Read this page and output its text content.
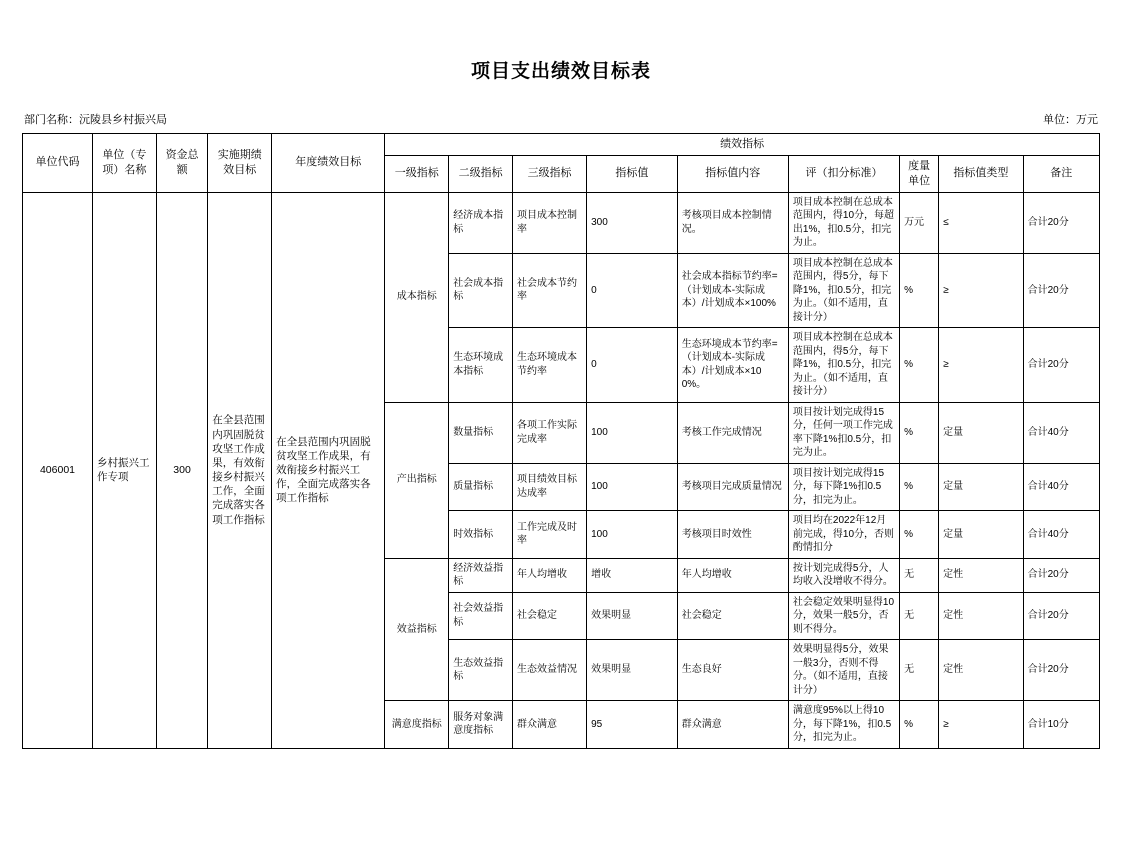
项目支出绩效目标表
部门名称：沅陵县乡村振兴局	单位：万元
单位代码	单位（专项）名称	资金总额	实施期绩效目标	年度绩效目标	绩效指标								
					一级指标	二级指标	三级指标	指标值	指标值内容	评（扣分标准）	度量单位	指标值类型	备注
406001	乡村振兴工作专项	300	在全县范围内巩固脱贫攻坚工作成果，有效衔接乡村振兴工作，全面完成落实各项工作指标	在全县范围内巩固脱贫攻坚工作成果，有效衔接乡村振兴工作，全面完成落实各项工作指标	成本指标	经济成本指标	项目成本控制率	300	考核项目成本控制情况。	项目成本控制在总成本范围内，得10分，每超出1%，扣0.5分，扣完为止。	万元	≤	合计20分
						社会成本指标	社会成本节约率	0	社会成本指标节约率=（计划成本-实际成本）/计划成本×100%	项目成本控制在总成本范围内，得5分，每下降1%，扣0.5分，扣完为止。（如不适用，直接计分）	%	≥	合计20分
						生态环境成本指标	生态环境成本节约率	0	生态环境成本节约率=（计划成本-实际成本）/计划成本×100%。	项目成本控制在总成本范围内，得5分，每下降1%，扣0.5分，扣完为止。（如不适用，直接计分）	%	≥	合计20分
					产出指标	数量指标	各项工作实际完成率	100	考核工作完成情况	项目按计划完成得15分，任何一项工作完成率下降1%扣0.5分，扣完为止。	%	定量	合计40分
						质量指标	项目绩效目标达成率	100	考核项目完成质量情况	项目按计划完成得15分，每下降1%扣0.5分，扣完为止。	%	定量	合计40分
						时效指标	工作完成及时率	100	考核项目时效性	项目均在2022年12月前完成，得10分，否则酌情扣分	%	定量	合计40分
					效益指标	经济效益指标	年人均增收	增收	年人均增收	按计划完成得5分，人均收入没增收不得分。	无	定性	合计20分
						社会效益指标	社会稳定	效果明显	社会稳定	社会稳定效果明显得10分，效果一般5分，否则不得分。	无	定性	合计20分
						生态效益指标	生态效益情况	效果明显	生态良好	效果明显得5分，效果一般3分，否则不得分。（如不适用，直接计分）	无	定性	合计20分
					满意度指标	服务对象满意度指标	群众满意	95	群众满意	满意度95%以上得10分，每下降1%，扣0.5分，扣完为止。	%	≥	合计10分
